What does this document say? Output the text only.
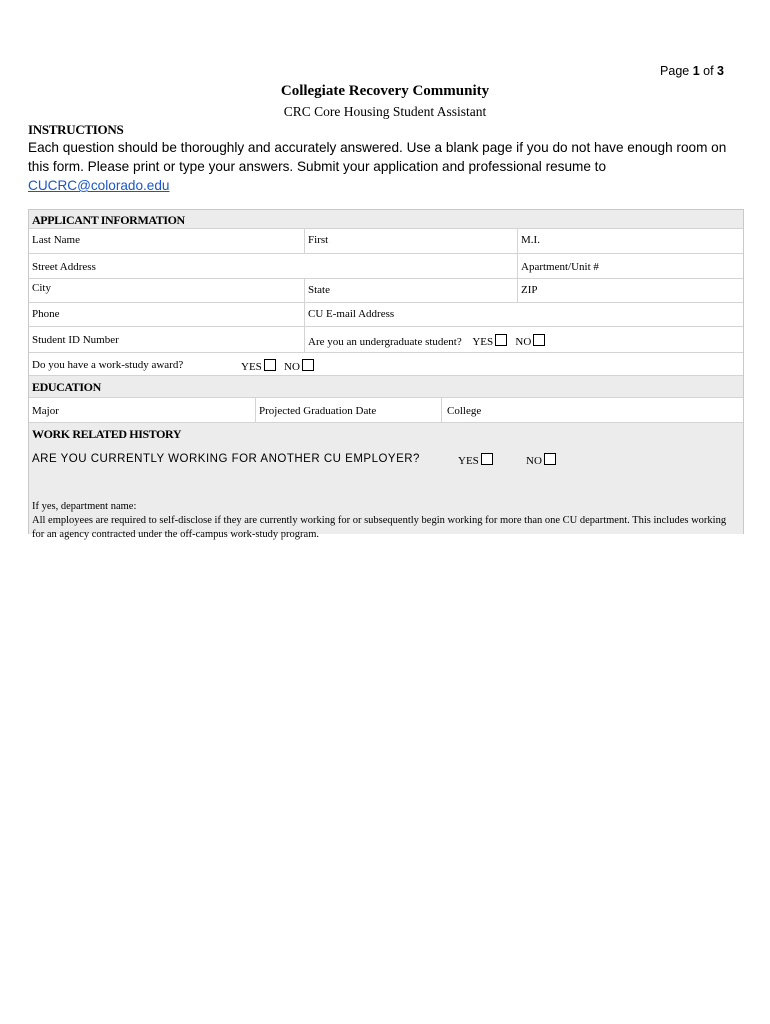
Page 1 of 3
Collegiate Recovery Community
CRC Core Housing Student Assistant
INSTRUCTIONS
Each question should be thoroughly and accurately answered. Use a blank page if you do not have enough room on this form. Please print or type your answers. Submit your application and professional resume to CUCRC@colorado.edu
APPLICANT INFORMATION
Last Name	First	M.I.
Street Address	Apartment/Unit #
City	State	ZIP
Phone	CU E-mail Address
Student ID Number	Are you an undergraduate student? YES NO
Do you have a work-study award?	YES NO
EDUCATION
Major	Projected Graduation Date	College
WORK RELATED HISTORY
ARE YOU CURRENTLY WORKING FOR ANOTHER CU EMPLOYER?	YES	NO
If yes, department name:
All employees are required to self-disclose if they are currently working for or subsequently begin working for more than one CU department. This includes working for an agency contracted under the off-campus work-study program.
